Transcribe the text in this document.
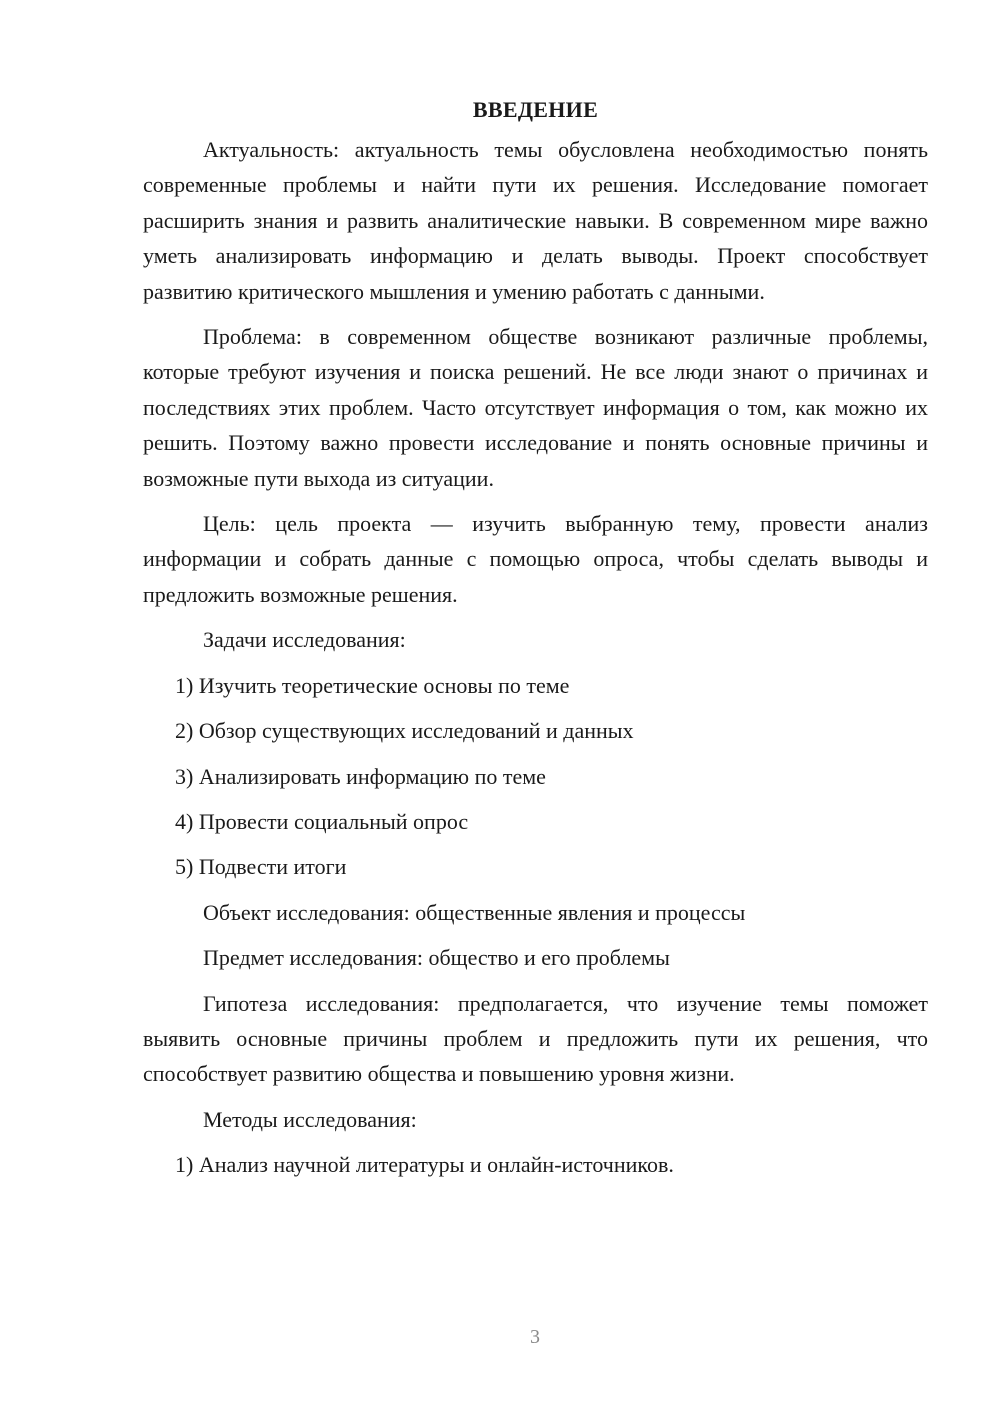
ВВЕДЕНИЕ

Актуальность: актуальность темы обусловлена необходимостью понять современные проблемы и найти пути их решения. Исследование помогает расширить знания и развить аналитические навыки. В современном мире важно уметь анализировать информацию и делать выводы. Проект способствует развитию критического мышления и умению работать с данными.

Проблема: в современном обществе возникают различные проблемы, которые требуют изучения и поиска решений. Не все люди знают о причинах и последствиях этих проблем. Часто отсутствует информация о том, как можно их решить. Поэтому важно провести исследование и понять основные причины и возможные пути выхода из ситуации.

Цель: цель проекта — изучить выбранную тему, провести анализ информации и собрать данные с помощью опроса, чтобы сделать выводы и предложить возможные решения.

Задачи исследования:

1) Изучить теоретические основы по теме

2) Обзор существующих исследований и данных

3) Анализировать информацию по теме

4) Провести социальный опрос

5) Подвести итоги

Объект исследования: общественные явления и процессы

Предмет исследования: общество и его проблемы

Гипотеза исследования: предполагается, что изучение темы поможет выявить основные причины проблем и предложить пути их решения, что способствует развитию общества и повышению уровня жизни.

Методы исследования:

1) Анализ научной литературы и онлайн-источников.

3
